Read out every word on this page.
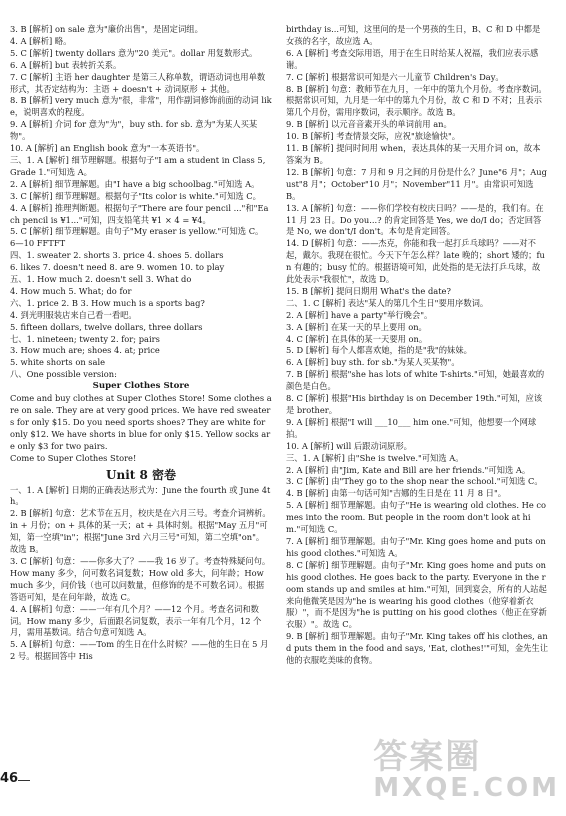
3. B [解析] on sale 意为"廉价出售"，是固定词组。
4. A [解析] 略。
5. C [解析] twenty dollars 意为"20 美元"。dollar 用复数形式。
6. A [解析] but 表转折关系。
7. C [解析] 主语 her daughter 是第三人称单数，谓语动词也用单数形式，其否定结构为：主语 + doesn't + 动词原形 + 其他。
8. B [解析] very much 意为"很，非常"，用作副词修饰前面的动词 like，说明喜欢的程度。
9. A [解析] 介词 for 意为"为"，buy sth. for sb. 意为"为某人买某物"。
10. A [解析] an English book 意为"一本英语书"。
三、1. A [解析] 细节理解题。根据句子"I am a student in Class 5, Grade 1."可知选 A。
2. A [解析] 细节理解题。由"I have a big schoolbag."可知选 A。
3. C [解析] 细节理解题。根据句子"Its color is white."可知选 C。
4. A [解析] 推理判断题。根据句子"There are four pencil ..."和"Each pencil is ¥1..."可知，四支铅笔共 ¥1 × 4 = ¥4。
5. C [解析] 细节理解题。由句子"My eraser is yellow."可知选 C。
6—10 FFTFT
四、1. sweater 2. shorts 3. price 4. shoes 5. dollars
6. likes 7. doesn't need 8. are 9. women 10. to play
五、1. How much 2. doesn't sell 3. What do
4. How much 5. What; do for
六、1. price 2. B 3. How much is a sports bag?
4. 到光明服装店来自己看一看吧。
5. fifteen dollars, twelve dollars, three dollars
七、1. nineteen; twenty 2. for; pairs
3. How much are; shoes 4. at; price
5. white shorts on sale
八、One possible version:
Super Clothes Store
Come and buy clothes at Super Clothes Store! Some clothes are on sale. They are at very good prices. We have red sweaters for only $15. Do you need sports shoes? They are white for only $12. We have shorts in blue for only $15. Yellow socks are only $3 for two pairs.
Come to Super Clothes Store!
Unit 8 密卷
一、1. A [解析] 日期的正确表达形式为：June the fourth 或 June 4th。
2. B [解析] 句意：艺术节在五月，校庆是在六月三号。考查介词辨析。in + 月份；on + 具体的某一天；at + 具体时刻。根据"May 五月"可知，第一空填"in"；根据"June 3rd 六月三号"可知，第二空填"on"。故选 B。
3. C [解析] 句意：——你多大了？——我 16 岁了。考查特殊疑问句。How many 多少，问可数名词复数；How old 多大，问年龄；How much 多少，问价钱（也可以问数量，但修饰的是不可数名词）。根据答语可知，是在问年龄，故选 C。
4. A [解析] 句意：——一年有几个月？——12 个月。考查名词和数词。How many 多少，后面跟名词复数，表示一年有几个月，12 个月，需用基数词。结合句意可知选 A。
5. A [解析] 句意：——Tom 的生日在什么时候？——他的生日在 5 月 2 号。根据回答中 His
birthday is...可知，这里问的是一个男孩的生日，B、C 和 D 中都是女孩的名字，故应选 A。
6. A [解析] 考查交际用语，用于在生日时给某人祝福，我们应表示感谢。
7. C [解析] 根据常识可知是六一儿童节 Children's Day。
8. B [解析] 句意：教师节在九月，一年中的第九个月份。考查序数词。根据常识可知，九月是一年中的第九个月份，故 C 和 D 不对；且表示第几个月份，需用序数词，表示顺序。故选 B。
9. B [解析] 以元音音素开头的单词前用 an。
10. B [解析] 考查情景交际，应祝"旅途愉快"。
11. B [解析] 提问时间用 when，表达具体的某一天用介词 on，故本答案为 B。
12. B [解析] 句意：7 月和 9 月之间的月份是什么？June"6 月"；August"8 月"；October"10 月"；November"11 月"。由常识可知选 B。
13. A [解析] 句意：——你们学校有校庆日吗？——是的，我们有。在 11 月 23 日。Do you...? 的肯定回答是 Yes, we do/I do；否定回答是 No, we don't/I don't。本句是肯定回答。
14. D [解析] 句意：——杰克，你能和我一起打乒乓球吗？——对不起，戴尔。我现在很忙。今天下午怎么样？late 晚的；short 矮的；fun 有趣的；busy 忙的。根据语境可知，此处指的是无法打乒乓球，故此处表示"我很忙"，故选 D。
15. B [解析] 提问日期用 What's the date?
二、1. C [解析] 表达"某人的第几个生日"要用序数词。
2. A [解析] have a party"举行晚会"。
3. A [解析] 在某一天的早上要用 on。
4. C [解析] 在具体的某一天要用 on。
5. D [解析] 每个人都喜欢她，指的是"我"的妹妹。
6. A [解析] buy sth. for sb."为某人买某物"。
7. B [解析] 根据"she has lots of white T-shirts."可知，她最喜欢的颜色是白色。
8. C [解析] 根据"His birthday is on December 19th."可知，应该是 brother。
9. A [解析] 根据"I will ___10___ him one."可知，他想要一个网球拍。
10. A [解析] will 后跟动词原形。
三、1. A [解析] 由"She is twelve."可知选 A。
2. A [解析] 由"Jim, Kate and Bill are her friends."可知选 A。
3. C [解析] 由"They go to the shop near the school."可知选 C。
4. B [解析] 由第一句话可知"吉娜的生日是在 11 月 8 日"。
5. A [解析] 细节理解题。由句子"He is wearing old clothes. He comes into the room. But people in the room don't look at him."可知选 C。
7. A [解析] 细节理解题。由句子"Mr. King goes home and puts on his good clothes."可知选 A。
8. C [解析] 细节理解题。由句子"Mr. King goes home and puts on his good clothes. He goes back to the party. Everyone in the room stands up and smiles at him."可知，回到宴会，所有的人站起来向他微笑是因为"he is wearing his good clothes（他穿着新衣服）"，而不是因为"he is putting on his good clothes（他正在穿新衣服）"。故选 C。
9. B [解析] 细节理解题。由句子"Mr. King takes off his clothes, and puts them in the food and says, 'Eat, clothes!'"可知，金先生让他的衣服吃美味的食物。
46
答案圈
MXQE.COM
